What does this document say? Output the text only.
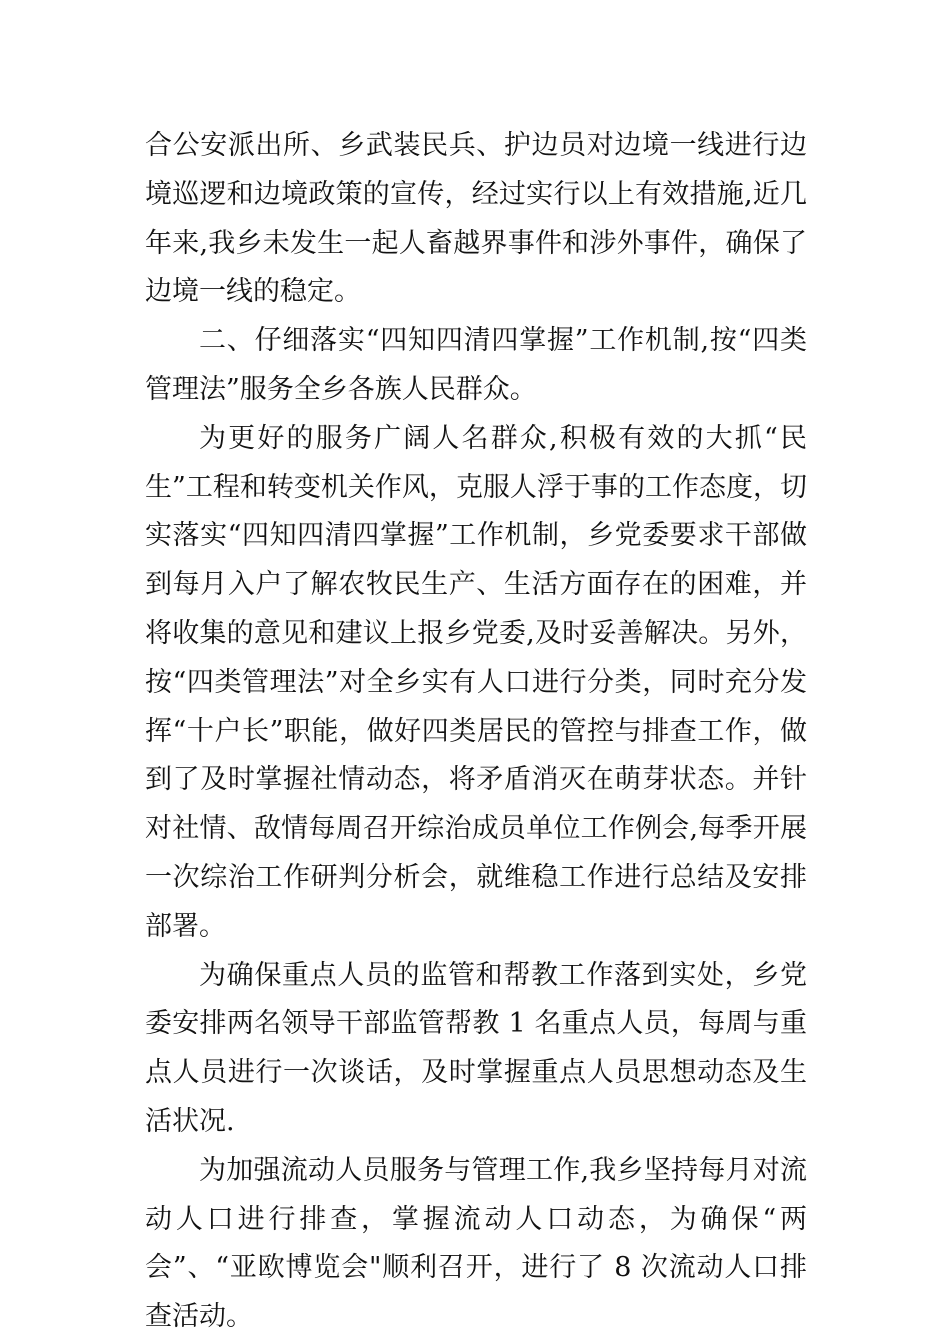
合公安派出所、乡武装民兵、护边员对边境一线进行边境巡逻和边境政策的宣传，经过实行以上有效措施,近几年来,我乡未发生一起人畜越界事件和涉外事件，确保了边境一线的稳定。

二、仔细落实“四知四清四掌握”工作机制,按“四类管理法”服务全乡各族人民群众。

为更好的服务广阔人名群众,积极有效的大抓“民生”工程和转变机关作风，克服人浮于事的工作态度，切实落实“四知四清四掌握”工作机制，乡党委要求干部做到每月入户了解农牧民生产、生活方面存在的困难，并将收集的意见和建议上报乡党委,及时妥善解决。另外，按“四类管理法”对全乡实有人口进行分类，同时充分发挥“十户长”职能，做好四类居民的管控与排查工作，做到了及时掌握社情动态，将矛盾消灭在萌芽状态。并针对社情、敌情每周召开综治成员单位工作例会,每季开展一次综治工作研判分析会，就维稳工作进行总结及安排部署。

为确保重点人员的监管和帮教工作落到实处，乡党委安排两名领导干部监管帮教 1 名重点人员，每周与重点人员进行一次谈话，及时掌握重点人员思想动态及生活状况.

为加强流动人员服务与管理工作,我乡坚持每月对流动人口进行排查，掌握流动人口动态，为确保“两会”、“亚欧博览会"顺利召开，进行了 8 次流动人口排查活动。
